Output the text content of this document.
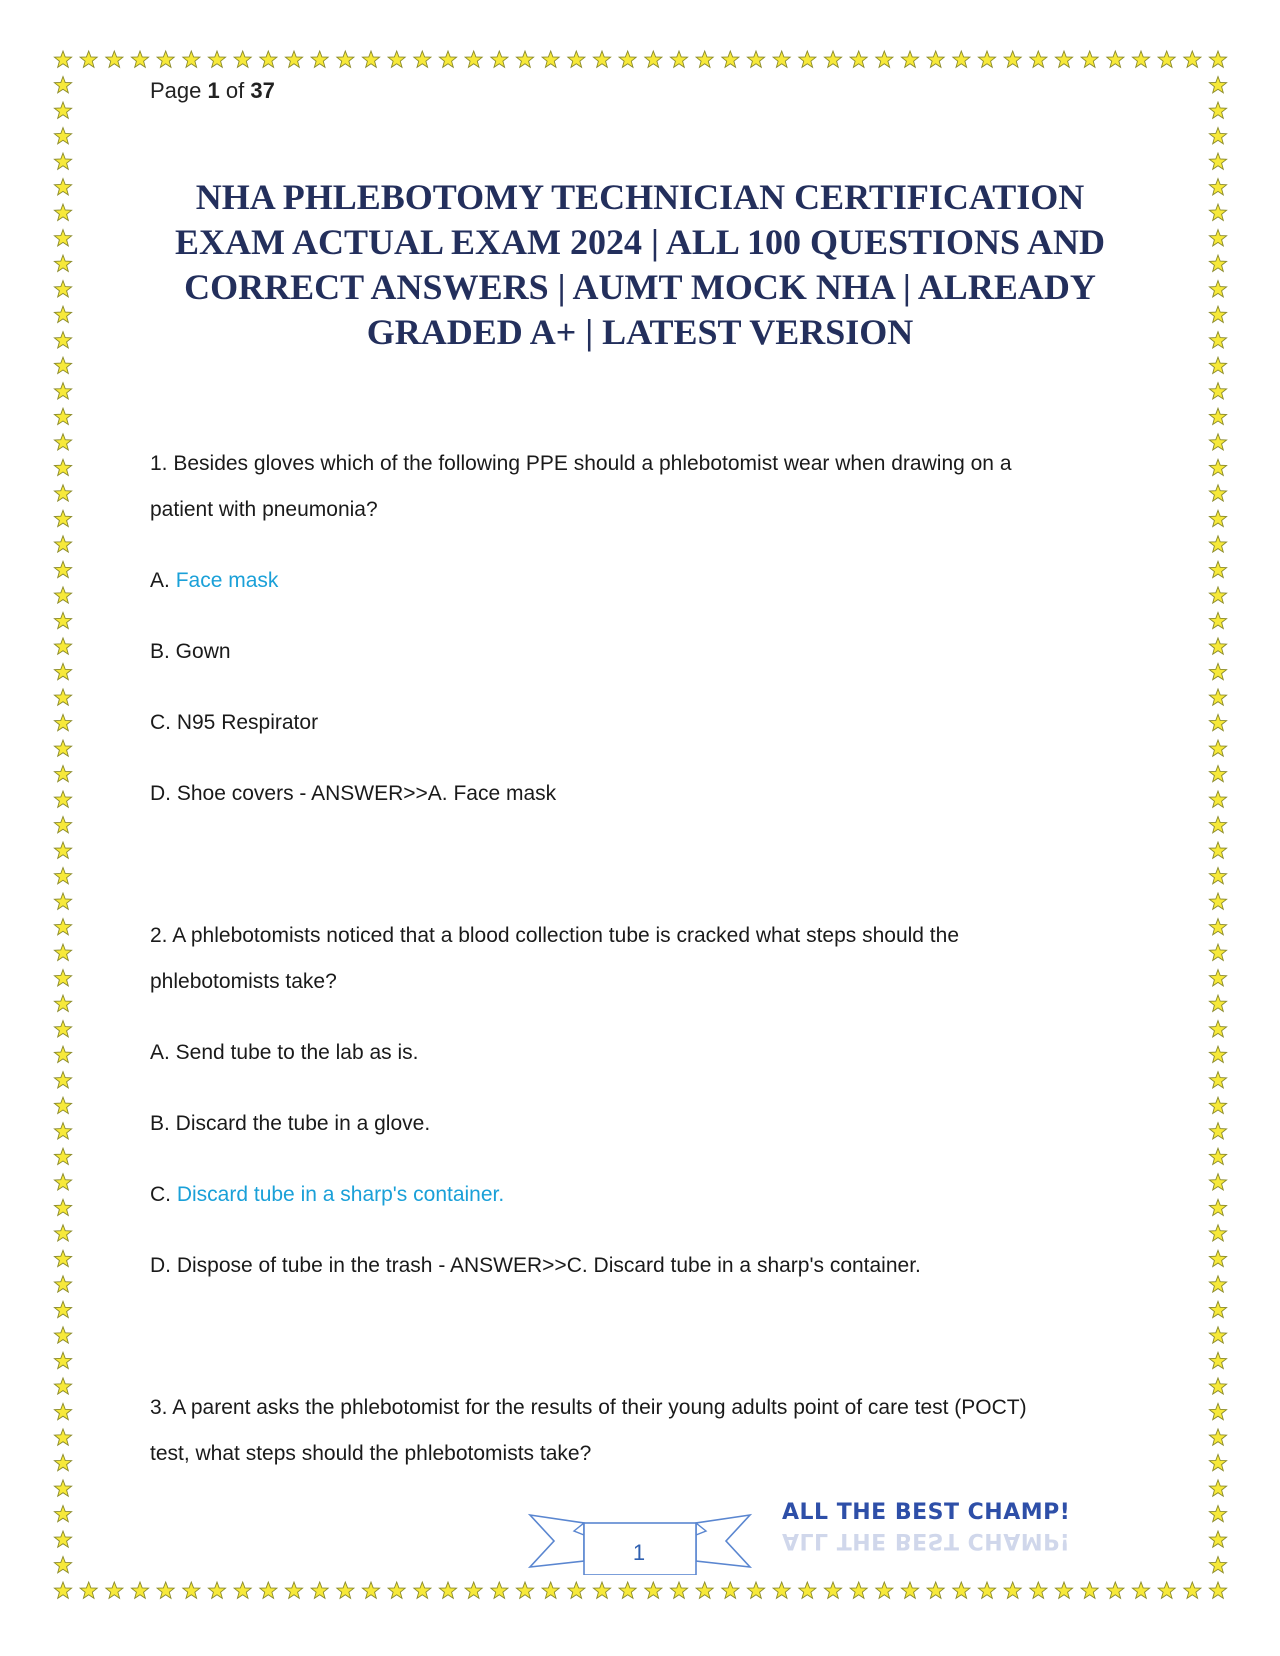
Page 1 of 37
NHA PHLEBOTOMY TECHNICIAN CERTIFICATION EXAM ACTUAL EXAM 2024 | ALL 100 QUESTIONS AND CORRECT ANSWERS | AUMT MOCK NHA | ALREADY GRADED A+ | LATEST VERSION
1. Besides gloves which of the following PPE should a phlebotomist wear when drawing on a
patient with pneumonia?
A. Face mask
B. Gown
C. N95 Respirator
D. Shoe covers - ANSWER>>A. Face mask
2. A phlebotomists noticed that a blood collection tube is cracked what steps should the
phlebotomists take?
A. Send tube to the lab as is.
B. Discard the tube in a glove.
C. Discard tube in a sharp's container.
D. Dispose of tube in the trash - ANSWER>>C. Discard tube in a sharp's container.
3. A parent asks the phlebotomist for the results of their young adults point of care test (POCT)
test, what steps should the phlebotomists take?
1
ALL THE BEST CHAMP!
ALL THE BEST CHAMP!
